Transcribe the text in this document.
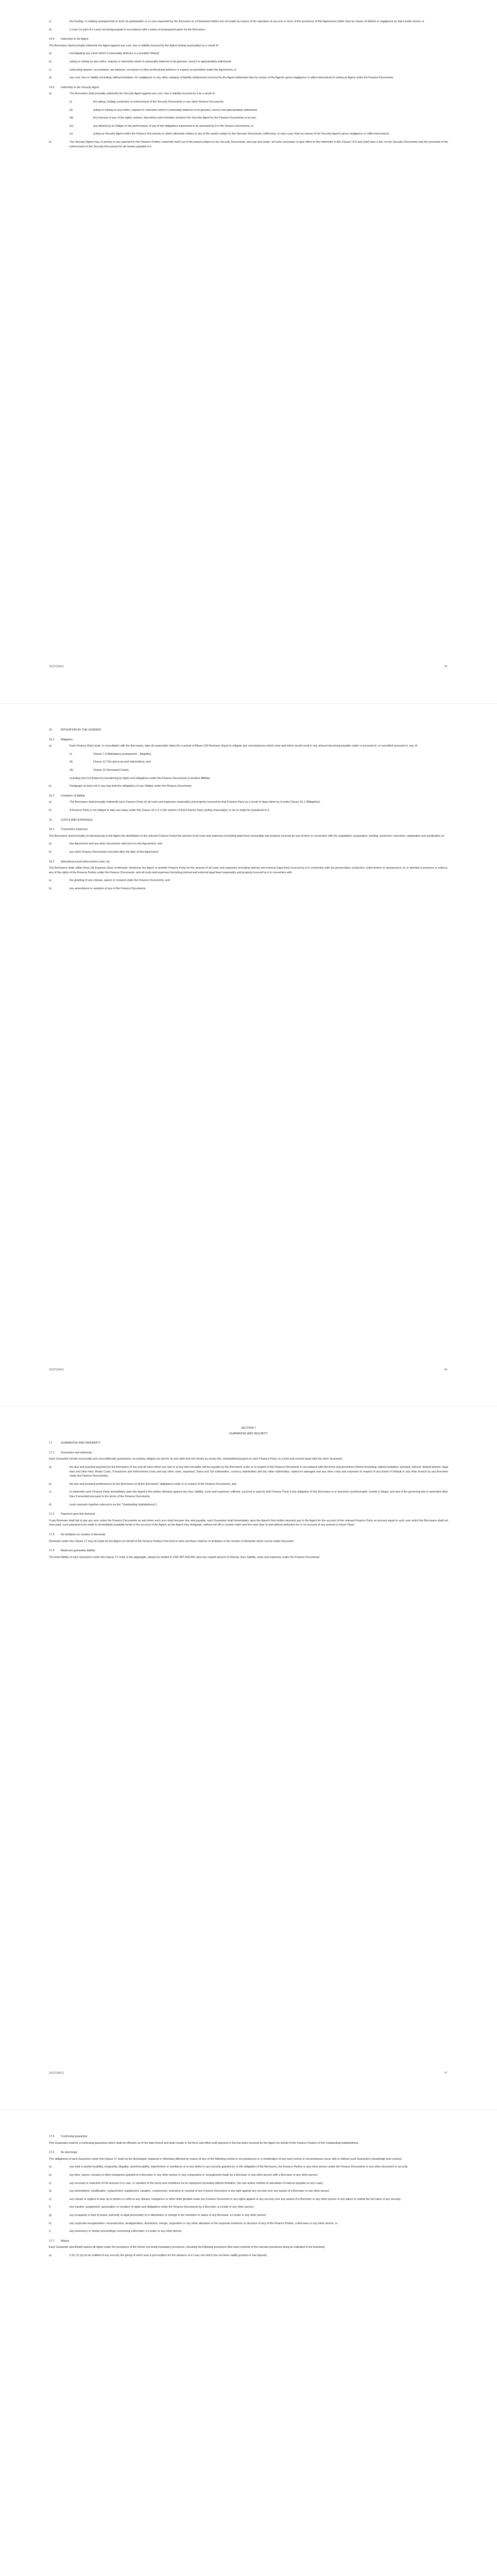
c)	the funding, or making arrangements to fund, its participation in a Loan requested by the Borrowers in a Drawdown Notice but not made by reason of the operation of any one or more of the provisions of this Agreement (other than by reason of default or negligence by that Lender alone); or
d)	a Loan (or part of a Loan) not being prepaid in accordance with a notice of prepayment given by the Borrowers.
14.4	Indemnity to the Agent

The Borrowers shall promptly indemnify the Agent against any cost, loss or liability incurred by the Agent (acting reasonably) as a result of:

a)	investigating any event which it reasonably believes is a possible Default;
b)	acting or relying on any notice, request or instruction which it reasonably believes to be genuine, correct or appropriately authorised;
c)	instructing lawyers, accountants, tax advisers, surveyors or other professional advisers or experts as permitted under this Agreement; or
d)	any cost, loss or liability (including, without limitation, for negligence or any other category of liability whatsoever) incurred by the Agent (otherwise than by reason of the Agent's gross negligence or wilful misconduct) in acting as Agent under the Finance Documents.
14.5	Indemnity to the Security Agent
a)	The Borrowers shall promptly indemnify the Security Agent against any cost, loss or liability incurred by it as a result of:
(i)	the taking, holding, protection or enforcement of the Security Documents or any other Finance Documents,
(ii)	acting or relying on any notice, request or instruction which it reasonably believes to be genuine, correct and appropriately authorised;
(iii)	the exercise of any of the rights, powers, discretions and remedies vested in the Security Agent by the Finance Documents or by law;
(iv)	any default by an Obligor in the performance of any of the obligations expressed to be assumed by it in the Finance Documents; or
(v)	acting as Security Agent under the Finance Documents or which otherwise relates to any of the assets subject to the Security Documents, (otherwise, in each case, than by reason of the Security Agent's gross negligence or wilful misconduct).
b)	The Security Agent may, in priority to any payment to the Finance Parties, indemnify itself out of the assets subject to the Security Documents, and pay and retain, all sums necessary to give effect to the indemnity in this Clause 14.5 and shall have a lien on the Security Documents and the proceeds of the enforcement of the Security Documents for all monies payable to it.
101271541/1	45
15	MITIGATION BY THE LENDERS
15.1	Mitigation
a)	Each Finance Party shall, in consultation with the Borrowers, take all reasonable steps (for a period of fifteen (15) Business Days) to mitigate any circumstances which arise and which would result in any amount becoming payable under or pursuant to, or cancelled pursuant to, any of:
(i)	Clause 7.3 (Mandatory prepayment – Illegality);
(ii)	Clause 12 (Tax gross-up and indemnities); and
(iii)	Clause 13 (Increased Costs),

including (but not limited to) transferring its rights and obligations under the Finance Documents to another Affiliate.

b)	Paragraph a) does not in any way limit the obligations of any Obligor under the Finance Documents.
15.2	Limitation of liability
a)	The Borrowers shall promptly indemnify each Finance Party for all costs and expenses reasonably and properly incurred by that Finance Party as a result of steps taken by it under Clause 15.1 (Mitigation).
b)	A Finance Party is not obliged to take any steps under this Clause 15.1 if, in the opinion of that Finance Party (acting reasonably), to do so might be prejudicial to it.
16	COSTS AND EXPENSES
16.1	Transaction expenses

The Borrowers shall promptly on demand pay to the Agent (for distribution to the relevant Finance Party) the amount of all costs and expenses (including legal fees) reasonably and properly incurred by any of them in connection with the negotiation, preparation, printing, perfection, execution, registration and syndication of:

a)	this Agreement and any other documents referred to in this Agreement; and
b)	any other Finance Documents executed after the date of this Agreement.
16.2	Amendment and enforcement costs, etc

The Borrowers shall, within three (3) Business Days of demand, reimburse the Agent or another Finance Party for the amount of all costs and expenses (including internal and external legal fees) incurred by it in connection with the preservation, protection, enforcement or maintenance of, or attempt to preserve or enforce, any of the rights of the Finance Parties under the Finance Documents, and all costs and expenses (including internal and external legal fees) reasonably and properly incurred by it in connection with:

a)	the granting of any release, waiver or consent under the Finance Documents; and
b)	any amendment or variation of any of the Finance Documents.
101271541/1	46
SECTION 7
GUARANTEE AND SECURITY
17	GUARANTEE AND INDEMNITY
17.1	Guarantee and indemnity

Each Guarantor hereby irrevocably and unconditionally guarantees, as primary obligors as and for its own debt and not merely as surety (No. selvskyldnerkausjon) to each Finance Party, on a joint and several basis with the other Guarantor:

a)	the due and punctual payment by the Borrowers of any and all sums which are now or at any time hereafter will be payable by the Borrowers under or in respect of the Finance Documents in accordance with the terms and provisions thereof (including, without limitation, principal, interest, default interest, legal fees and other fees, Break Costs, Transaction and enforcement costs and any other costs, expenses, Taxes and Tax indemnities, currency indemnities and any other indemnities, claims for damages and any other costs and expenses in respect of any Event of Default or any other breach by any Borrower under the Finance Documents);
b)	the due and punctual performance by the Borrowers of all the Borrowers' obligations under or in respect of the Finance Documents; and
c)	to indemnify each Finance Party immediately upon the Agent's first written demand against any loss, liability, costs and expenses suffered, incurred or paid by that Finance Party if any obligation of the Borrowers is or becomes unenforceable, invalid or illegal, and also if the governing law is amended other than if amended pursuant to the terms of the Finance Documents,
d)	(such amounts together referred to as the "Outstanding Indebtedness").
17.2	Payment upon first demand

If any Borrower shall fail to pay any sum under the Finance Documents as and when such sum shall become due and payable, each Guarantor shall immediately upon the Agent's first written demand pay to the Agent for the account of the relevant Finance Party an amount equal to such sum which the Borrowers shall not have paid, such payment to be made in immediately available funds to the account of the Agent, as the Agent may designate, without set-off or counter-claim and free and clear of and without deduction for or on account of any present or future Taxes.

17.3	No limitation on number of demands

Demands under this Clause 17 may be made by the Agent (on behalf of the Finance Parties) from time to time and there shall be no limitation in the number of demands which can be made hereunder.

17.4	Maximum guarantee liability

The total liability of each Guarantor under this Clause 17 shall, in the aggregate, always be limited to USD 487,500,000, plus any unpaid amount of interest, fees, liability, costs and expenses under the Finance Documents.

101271541/1	47
17.5	Continuing guarantee

This Guarantee shall be a continuing guarantee which shall be effective as of the date hereof and shall remain in full force and effect until payment in full has been received by the Agent (on behalf of the Finance Parties) of the Outstanding Indebtedness.

17.6	No discharge

The obligations of each Guarantor under this Clause 17 shall not be discharged, impaired or otherwise affected by reason of any of the following events or circumstances or a combination of any such events or circumstances occur with or without such Guarantor's knowledge and consent:

a)	any total or partial invalidity, irregularity, illegality, unenforceability, imperfection or avoidance of or any defect in any security granted by, or the obligation of the Borrowers, the Finance Parties or any other person under the Finance Documents or any other document or security;
b)	any time, waiver, consent or other indulgence granted to a Borrower or any other person or any composition or arrangement made by a Borrower or any other person with a Borrower or any other person;
c)	any increase or reduction of the amount of a Loan, or variation of the terms and conditions for its repayment (including without limitation, the rate and/or method of calculation of interest payable on any Loan);
d)	any amendment, modification, replacement, supplement, variation, compromise, extension or renewal of any Finance Document or any right against any security over any assets of a Borrower or any other person;
e)	any refusal or neglect to take up or perfect or enforce any release, indulgence or other relief granted under any Finance Document or any rights against or any security over any assets of a Borrower or any other person or any failure to realise the full value of any security;
f)	any transfer, assignment, assumption or novation of rights and obligations under the Finance Documents by a Borrower, a Lender or any other person;
g)	any incapacity or lack of power, authority or legal personality of or dissolution or change in the members or status of any Borrower, a Lender or any other person;
h)	any corporate reorganisation, reconstruction, amalgamation, dissolution, merger, acquisition or any other alteration in the corporate existence or structure of any of the Finance Parties, a Borrower or any other person; or
i)	any insolvency or similar proceedings concerning a Borrower, a Lender or any other person.
17.7	Waiver

Each Guarantor specifically waives all rights under the provisions of the FA Act not being mandatory provisions, including the following provisions (the main contents of the relevant provisions being as indicated in the brackets):

a)	§ 62 (1) (a) (to be notified of any security the giving of which was a precondition for the advance of a Loan, but which has not been validly granted or has lapsed);
